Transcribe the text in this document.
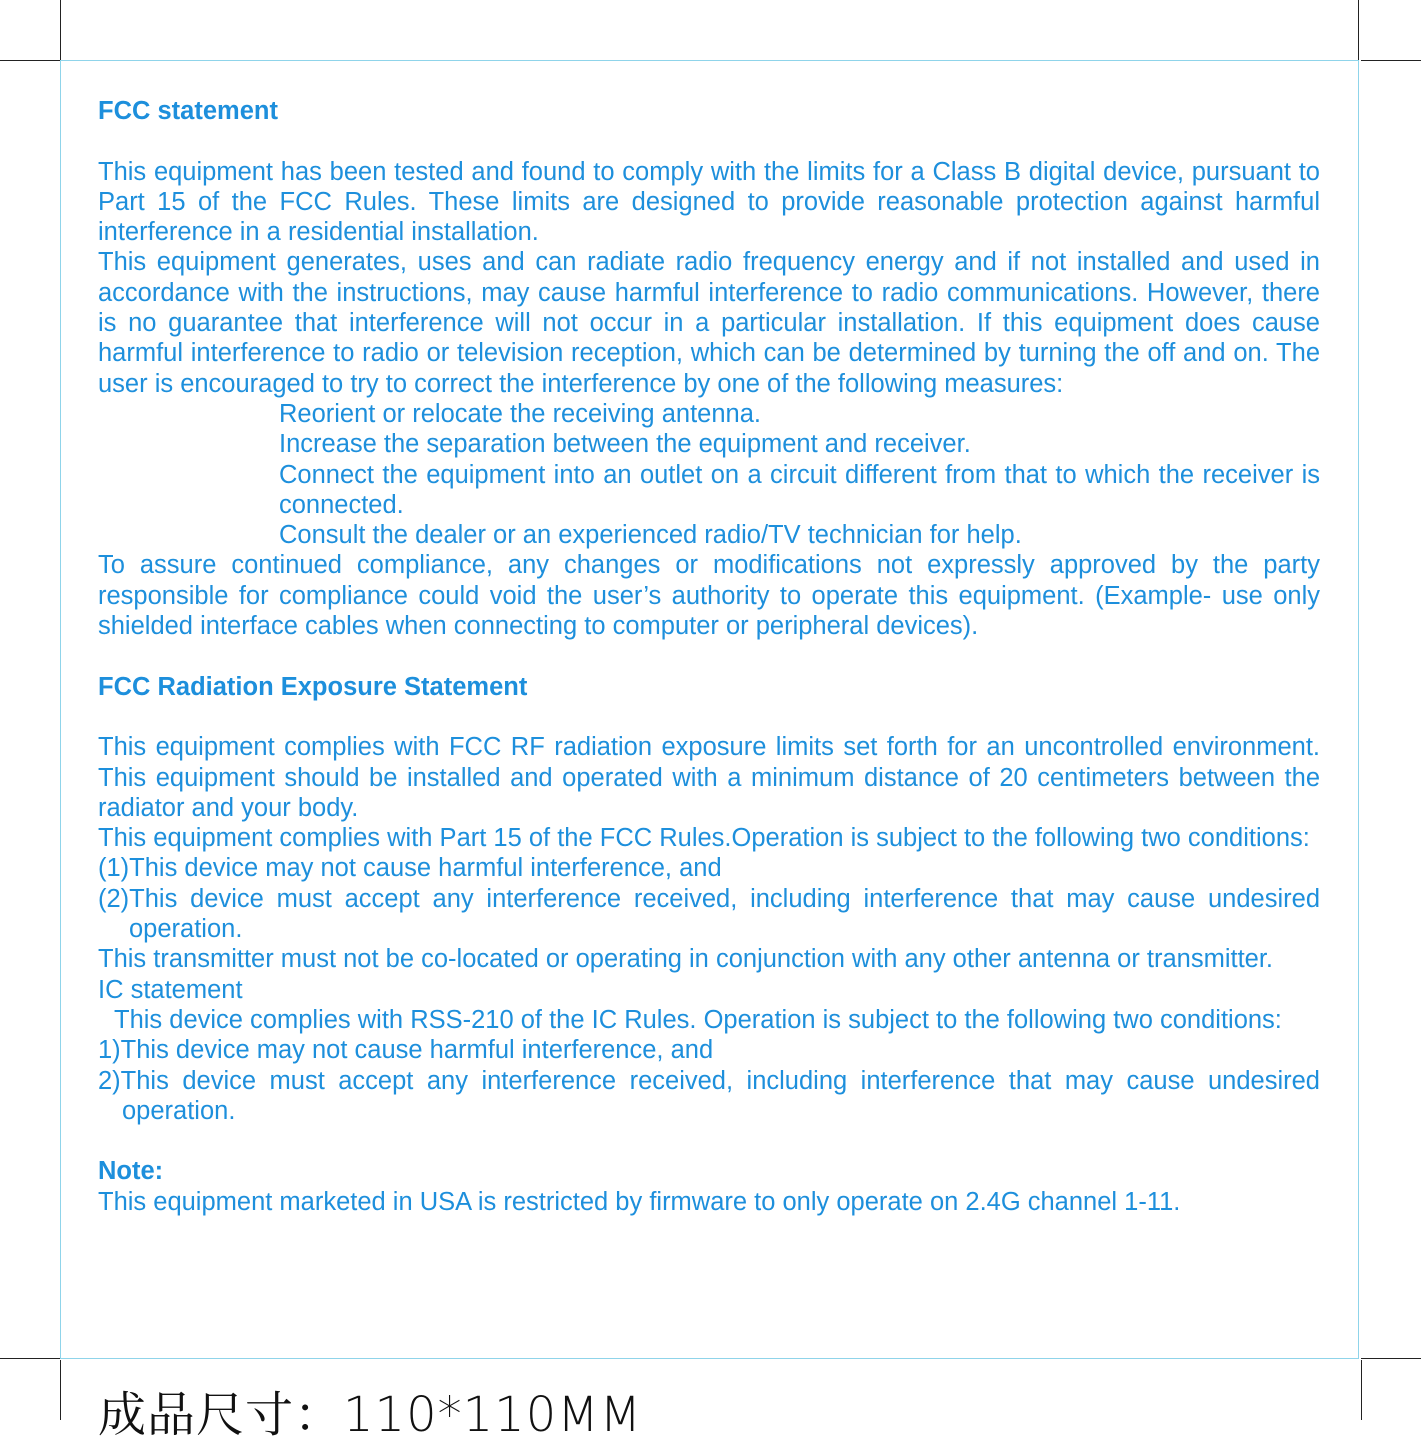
FCC statement

This equipment has been tested and found to comply with the limits for a Class B digital device, pursuant to Part 15 of the FCC Rules. These limits are designed to provide reasonable protection against harmful interference in a residential installation.

This equipment generates, uses and can radiate radio frequency energy and if not installed and used in accordance with the instructions, may cause harmful interference to radio communications. However, there is no guarantee that interference will not occur in a particular installation. If this equipment does cause harmful interference to radio or television reception, which can be determined by turning the off and on. The user is encouraged to try to correct the interference by one of the following measures:

Reorient or relocate the receiving antenna.

Increase the separation between the equipment and receiver.

Connect the equipment into an outlet on a circuit different from that to which the receiver is connected.

Consult the dealer or an experienced radio/TV technician for help.

To assure continued compliance, any changes or modifications not expressly approved by the party responsible for compliance could void the user’s authority to operate this equipment. (Example- use only shielded interface cables when connecting to computer or peripheral devices).

FCC Radiation Exposure Statement

This equipment complies with FCC RF radiation exposure limits set forth for an uncontrolled environment. This equipment should be installed and operated with a minimum distance of 20 centimeters between the radiator and your body.

This equipment complies with Part 15 of the FCC Rules.Operation is subject to the following two conditions:

(1)This device may not cause harmful interference, and

(2)This device must accept any interference received, including interference that may cause undesired operation.

This transmitter must not be co-located or operating in conjunction with any other antenna or transmitter.

IC statement

This device complies with RSS-210 of the IC Rules. Operation is subject to the following two conditions:

1)This device may not cause harmful interference, and

2)This device must accept any interference received, including interference that may cause undesired operation.

Note:

This equipment marketed in USA is restricted by firmware to only operate on 2.4G channel 1-11.

成品尺寸：110*110MM
